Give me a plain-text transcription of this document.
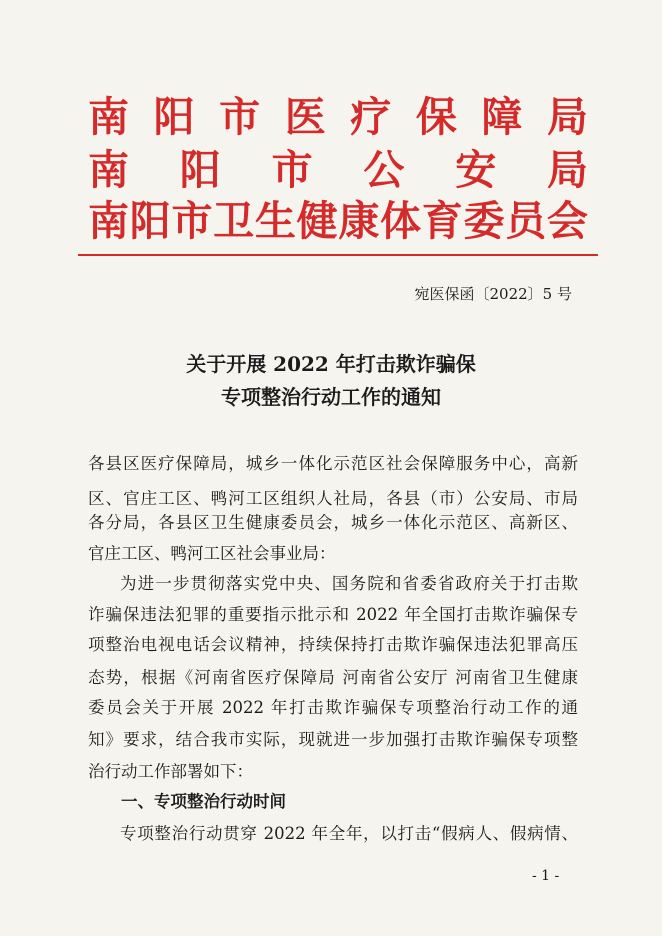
南 阳 市 医 疗 保 障 局
南 阳 市 公 安 局
南 阳 市 卫 生 健 康 体 育 委 员 会
宛医保函〔2022〕5 号
关于开展 2022 年打击欺诈骗保
专项整治行动工作的通知
各县区医疗保障局，城乡一体化示范区社会保障服务中心，高新
区、官庄工区、鸭河工区组织人社局，各县（市）公安局、市局
各分局，各县区卫生健康委员会，城乡一体化示范区、高新区、
官庄工区、鸭河工区社会事业局：
为进一步贯彻落实党中央、国务院和省委省政府关于打击欺
诈骗保违法犯罪的重要指示批示和 2022 年全国打击欺诈骗保专
项整治电视电话会议精神，持续保持打击欺诈骗保违法犯罪高压
态势，根据《河南省医疗保障局 河南省公安厅 河南省卫生健康
委员会关于开展 2022 年打击欺诈骗保专项整治行动工作的通
知》要求，结合我市实际，现就进一步加强打击欺诈骗保专项整
治行动工作部署如下：
一、专项整治行动时间
专项整治行动贯穿 2022 年全年，以打击“假病人、假病情、
- 1 -
